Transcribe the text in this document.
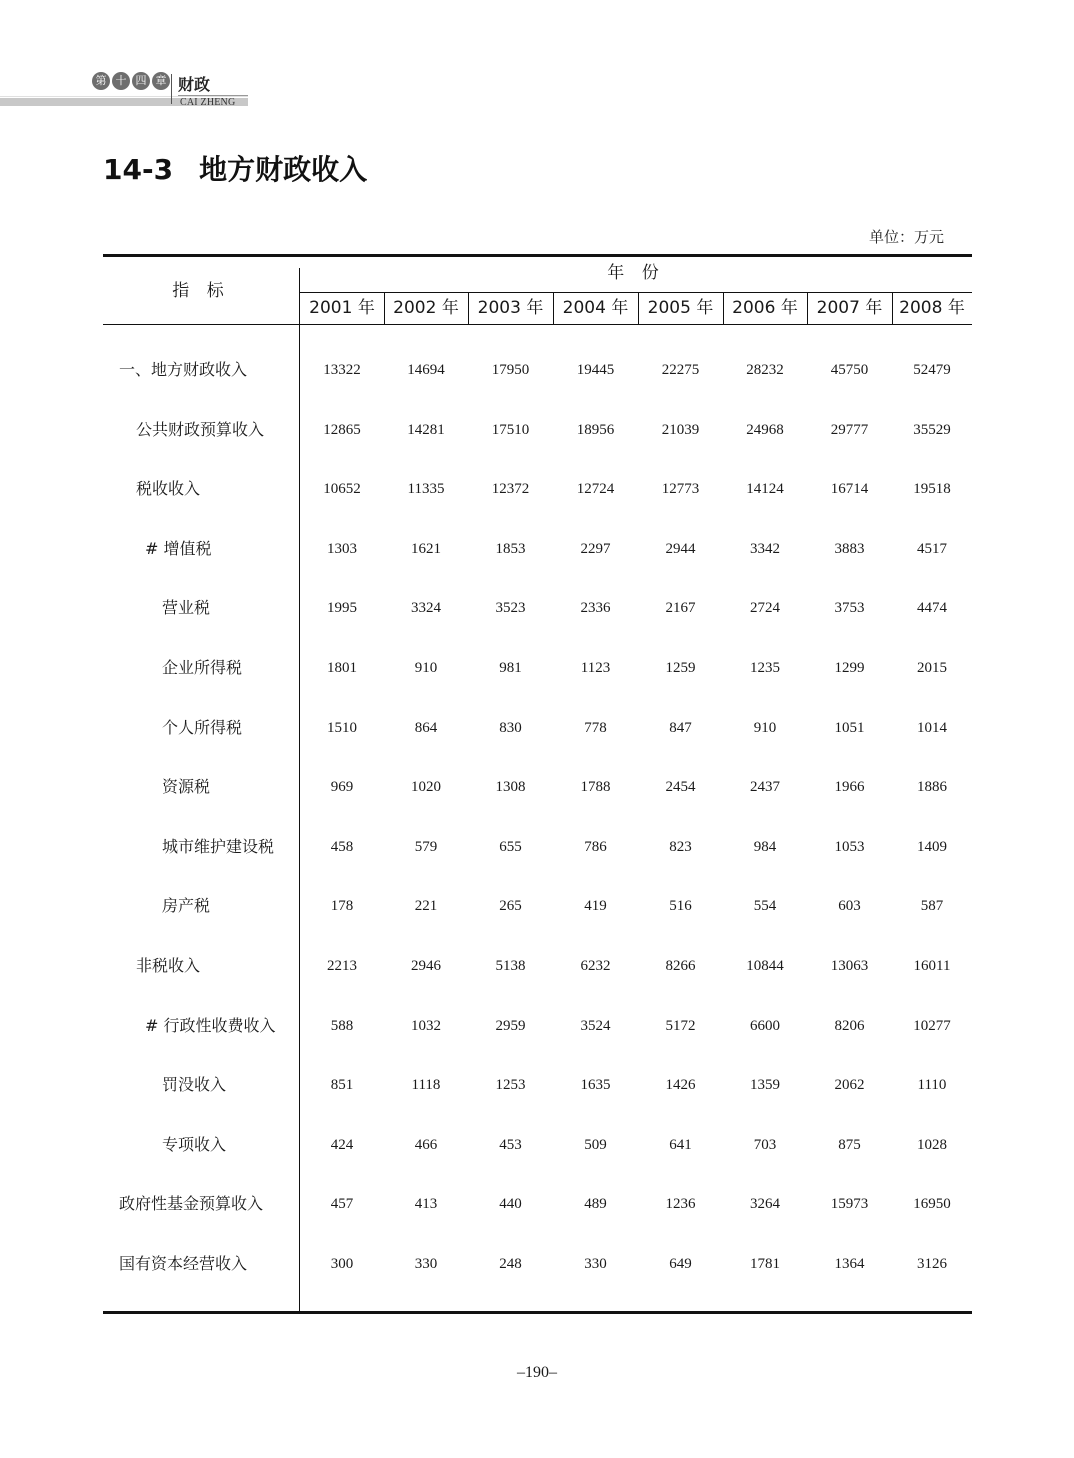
第 十 四 章 财政
CAI ZHENG
14-3 地方财政收入
单位：万元
指 标
年 份
2001 年	2002 年	2003 年	2004 年	2005 年	2006 年	2007 年 2008 年
一、地方财政收入	13322	14694	17950	19445	22275	28232	45750	52479
公共财政预算收入	12865	14281	17510	18956	21039	24968	29777	35529
税收收入	10652	11335	12372	12724	12773	14124	16714	19518
# 增值税	1303	1621	1853	2297	2944	3342	3883	4517
营业税	1995	3324	3523	2336	2167	2724	3753	4474
企业所得税	1801	910	981	1123	1259	1235	1299	2015
个人所得税	1510	864	830	778	847	910	1051	1014
资源税	969	1020	1308	1788	2454	2437	1966	1886
城市维护建设税	458	579	655	786	823	984	1053	1409
房产税	178	221	265	419	516	554	603	587
非税收入	2213	2946	5138	6232	8266	10844	13063	16011
# 行政性收费收入	588	1032	2959	3524	5172	6600	8206	10277
罚没收入	851	1118	1253	1635	1426	1359	2062	1110
专项收入	424	466	453	509	641	703	875	1028
政府性基金预算收入	457	413	440	489	1236	3264	15973	16950
国有资本经营收入	300	330	248	330	649	1781	1364	3126
–190–
